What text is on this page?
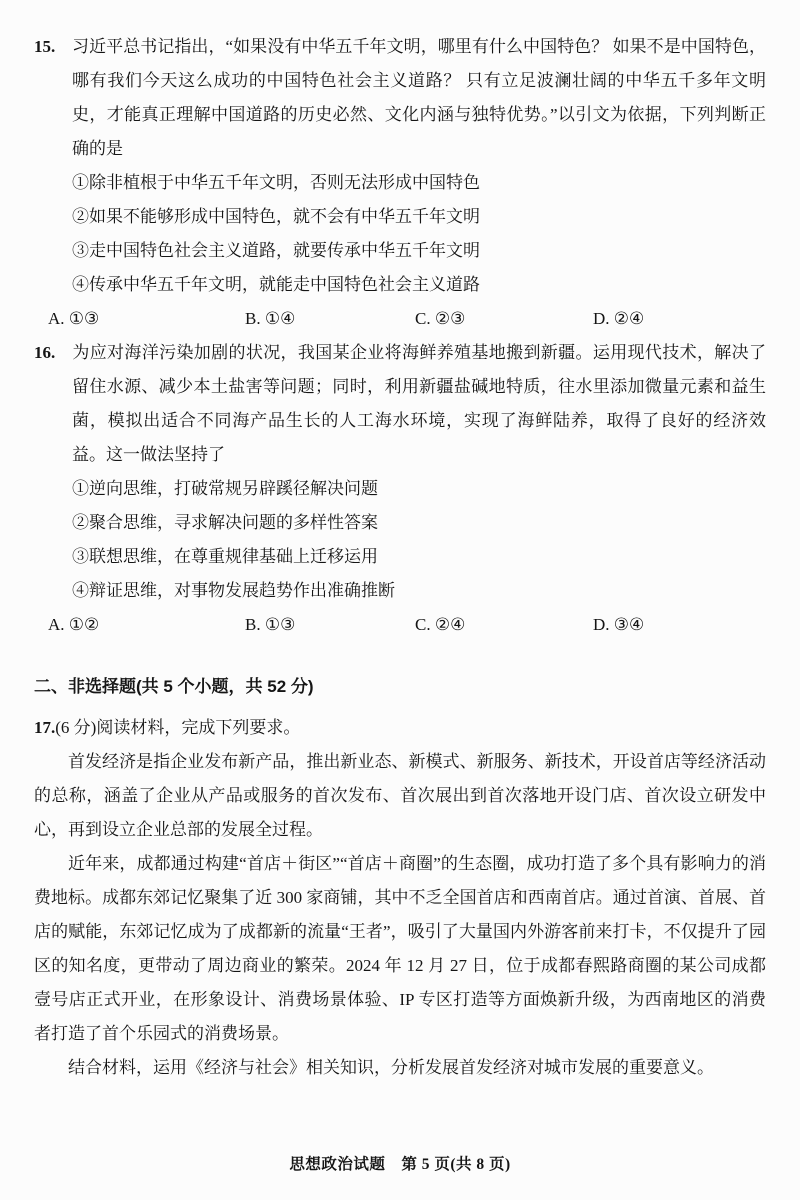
15. 习近平总书记指出，“如果没有中华五千年文明，哪里有什么中国特色？ 如果不是中国特色，哪有我们今天这么成功的中国特色社会主义道路？ 只有立足波澜壮阔的中华五千多年文明史，才能真正理解中国道路的历史必然、文化内涵与独特优势。”以引文为依据，下列判断正确的是

①除非植根于中华五千年文明，否则无法形成中国特色

②如果不能够形成中国特色，就不会有中华五千年文明

③走中国特色社会主义道路，就要传承中华五千年文明

④传承中华五千年文明，就能走中国特色社会主义道路

A. ①③	B. ①④	C. ②③	D. ②④

16. 为应对海洋污染加剧的状况，我国某企业将海鲜养殖基地搬到新疆。运用现代技术，解决了留住水源、减少本土盐害等问题；同时，利用新疆盐碱地特质，往水里添加微量元素和益生菌，模拟出适合不同海产品生长的人工海水环境，实现了海鲜陆养，取得了良好的经济效益。这一做法坚持了

①逆向思维，打破常规另辟蹊径解决问题

②聚合思维，寻求解决问题的多样性答案

③联想思维，在尊重规律基础上迁移运用

④辩证思维，对事物发展趋势作出准确推断

A. ①②	B. ①③	C. ②④	D. ③④

二、非选择题(共 5 个小题，共 52 分)

17.(6 分)阅读材料，完成下列要求。

首发经济是指企业发布新产品，推出新业态、新模式、新服务、新技术，开设首店等经济活动的总称，涵盖了企业从产品或服务的首次发布、首次展出到首次落地开设门店、首次设立研发中心，再到设立企业总部的发展全过程。

近年来，成都通过构建“首店＋街区”“首店＋商圈”的生态圈，成功打造了多个具有影响力的消费地标。成都东郊记忆聚集了近 300 家商铺，其中不乏全国首店和西南首店。通过首演、首展、首店的赋能，东郊记忆成为了成都新的流量“王者”，吸引了大量国内外游客前来打卡，不仅提升了园区的知名度，更带动了周边商业的繁荣。2024 年 12 月 27 日，位于成都春熙路商圈的某公司成都壹号店正式开业，在形象设计、消费场景体验、IP 专区打造等方面焕新升级，为西南地区的消费者打造了首个乐园式的消费场景。

结合材料，运用《经济与社会》相关知识，分析发展首发经济对城市发展的重要意义。

思想政治试题 第 5 页(共 8 页)
